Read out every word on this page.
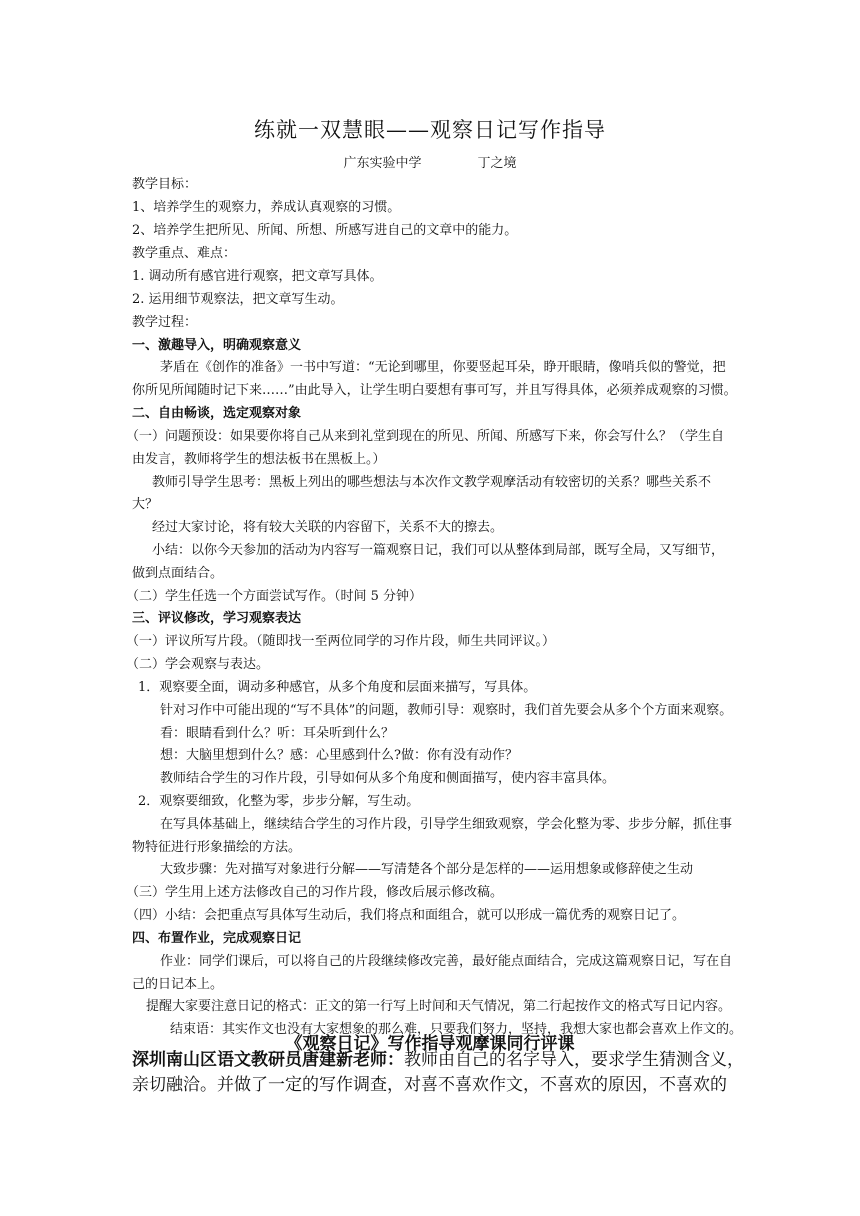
练就一双慧眼——观察日记写作指导
广东实验中学	丁之境
教学目标：
1、培养学生的观察力，养成认真观察的习惯。
2、培养学生把所见、所闻、所想、所感写进自己的文章中的能力。
教学重点、难点：
1. 调动所有感官进行观察，把文章写具体。
2. 运用细节观察法，把文章写生动。
教学过程：
一、激趣导入，明确观察意义
茅盾在《创作的准备》一书中写道：“无论到哪里，你要竖起耳朵，睁开眼睛，像哨兵似的警觉，把
你所见所闻随时记下来……”由此导入，让学生明白要想有事可写，并且写得具体，必须养成观察的习惯。
二、自由畅谈，选定观察对象
（一）问题预设：如果要你将自己从来到礼堂到现在的所见、所闻、所感写下来，你会写什么？（学生自
由发言，教师将学生的想法板书在黑板上。）
教师引导学生思考：黑板上列出的哪些想法与本次作文教学观摩活动有较密切的关系？哪些关系不
大？
经过大家讨论，将有较大关联的内容留下，关系不大的擦去。
小结：以你今天参加的活动为内容写一篇观察日记，我们可以从整体到局部，既写全局，又写细节，
做到点面结合。
（二）学生任选一个方面尝试写作。（时间 5 分钟）
三、评议修改，学习观察表达
（一）评议所写片段。（随即找一至两位同学的习作片段，师生共同评议。）
（二）学会观察与表达。
1．观察要全面，调动多种感官，从多个角度和层面来描写，写具体。
针对习作中可能出现的“写不具体”的问题，教师引导：观察时，我们首先要会从多个个方面来观察。
看：眼睛看到什么？听：耳朵听到什么？
想：大脑里想到什么？感：心里感到什么?做：你有没有动作？
教师结合学生的习作片段，引导如何从多个角度和侧面描写，使内容丰富具体。
2．观察要细致，化整为零，步步分解，写生动。
在写具体基础上，继续结合学生的习作片段，引导学生细致观察，学会化整为零、步步分解，抓住事
物特征进行形象描绘的方法。
大致步骤：先对描写对象进行分解——写清楚各个部分是怎样的——运用想象或修辞使之生动
（三）学生用上述方法修改自己的习作片段，修改后展示修改稿。
（四）小结：会把重点写具体写生动后，我们将点和面组合，就可以形成一篇优秀的观察日记了。
四、布置作业，完成观察日记
作业：同学们课后，可以将自己的片段继续修改完善，最好能点面结合，完成这篇观察日记，写在自
己的日记本上。
提醒大家要注意日记的格式：正文的第一行写上时间和天气情况，第二行起按作文的格式写日记内容。
结束语：其实作文也没有大家想象的那么难，只要我们努力，坚持，我想大家也都会喜欢上作文的。
《观察日记》写作指导观摩课同行评课
深圳南山区语文教研员唐建新老师：教师由自己的名字导入，要求学生猜测含义，
亲切融洽。并做了一定的写作调查，对喜不喜欢作文，不喜欢的原因，不喜欢的
